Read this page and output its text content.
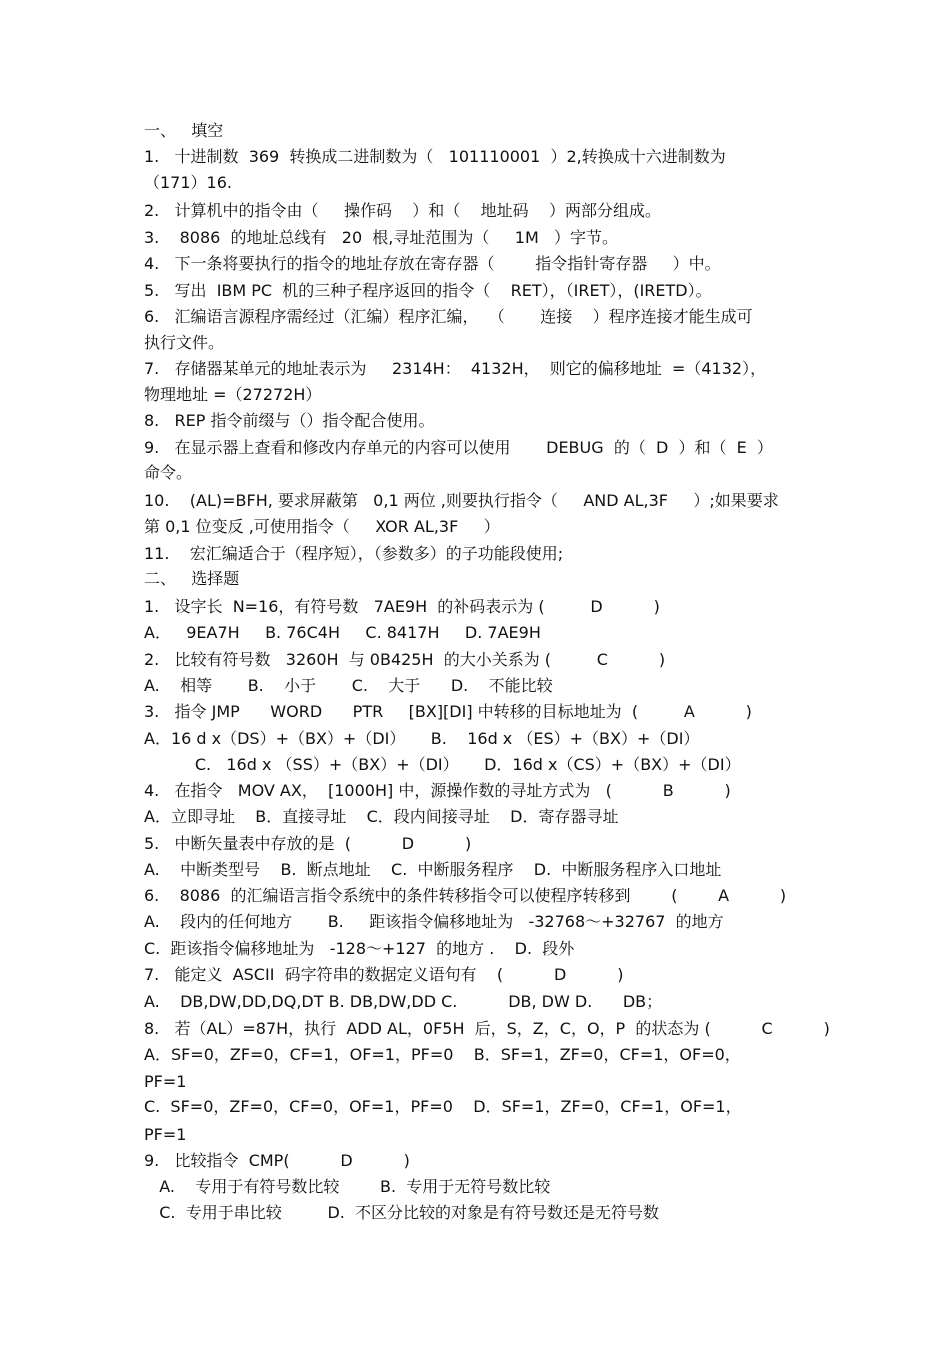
一、   填空
1.   十进制数  369  转换成二进制数为（   101110001  ）2,转换成十六进制数为
（171）16.
2.   计算机中的指令由（     操作码    ）和（    地址码    ）两部分组成。
3.    8086  的地址总线有   20  根,寻址范围为（     1M   ）字节。
4.   下一条将要执行的指令的地址存放在寄存器（        指令指针寄存器     ）中。
5.   写出  IBM PC  机的三种子程序返回的指令（    RET），（IRET），(IRETD）。
6.   汇编语言源程序需经过（汇编）程序汇编，  （       连接    ）程序连接才能生成可
执行文件。
7.   存储器某单元的地址表示为     2314H：  4132H，  则它的偏移地址  =（4132），
物理地址 =（27272H）
8.   REP 指令前缀与（）指令配合使用。
9.   在显示器上查看和修改内存单元的内容可以使用       DEBUG  的（  D  ）和（  E  ）
命令。
10.    (AL)=BFH, 要求屏蔽第   0,1 两位 ,则要执行指令（     AND AL,3F     ）;如果要求
第 0,1 位变反 ,可使用指令（     XOR AL,3F     ）
11.    宏汇编适合于（程序短），（参数多）的子功能段使用;
二、   选择题
1.   设字长  N=16，有符号数   7AE9H  的补码表示为 (         D          )
A．   9EA7H     B. 76C4H     C. 8417H     D. 7AE9H
2.   比较有符号数   3260H  与 0B425H  的大小关系为 (         C          )
A.    相等       B.    小于       C.    大于      D.    不能比较
3.   指令 JMP      WORD      PTR     [BX][DI] 中转移的目标地址为  (         A          )
A．16 d x（DS）+（BX）+（DI）     B.    16d x （ES）+（BX）+（DI）
C.   16d x （SS）+（BX）+（DI）     D．16d x（CS）+（BX）+（DI）
4.   在指令   MOV AX，  [1000H] 中，源操作数的寻址方式为   (          B          )
A．立即寻址    B．直接寻址    C．段内间接寻址    D．寄存器寻址
5.   中断矢量表中存放的是  (          D          )
A.    中断类型号    B.  断点地址    C.  中断服务程序    D.  中断服务程序入口地址
6.    8086  的汇编语言指令系统中的条件转移指令可以使程序转移到        (        A          )
A.    段内的任何地方       B.     距该指令偏移地址为   -32768～+32767  的地方
C.  距该指令偏移地址为   -128～+127  的地方 .    D.  段外
7.   能定义  ASCII  码字符串的数据定义语句有    (          D          )
A.    DB,DW,DD,DQ,DT B. DB,DW,DD C.          DB, DW D.      DB；
8.   若（AL）=87H，执行  ADD AL，0F5H  后，S，Z，C，O，P  的状态为 (          C          )
A．SF=0，ZF=0，CF=1，OF=1，PF=0    B．SF=1，ZF=0，CF=1，OF=0，
PF=1
C.  SF=0，ZF=0，CF=0，OF=1，PF=0    D．SF=1，ZF=0，CF=1，OF=1，
PF=1
9.   比较指令  CMP(          D          )
A.    专用于有符号数比较        B.  专用于无符号数比较
C.  专用于串比较         D.  不区分比较的对象是有符号数还是无符号数
